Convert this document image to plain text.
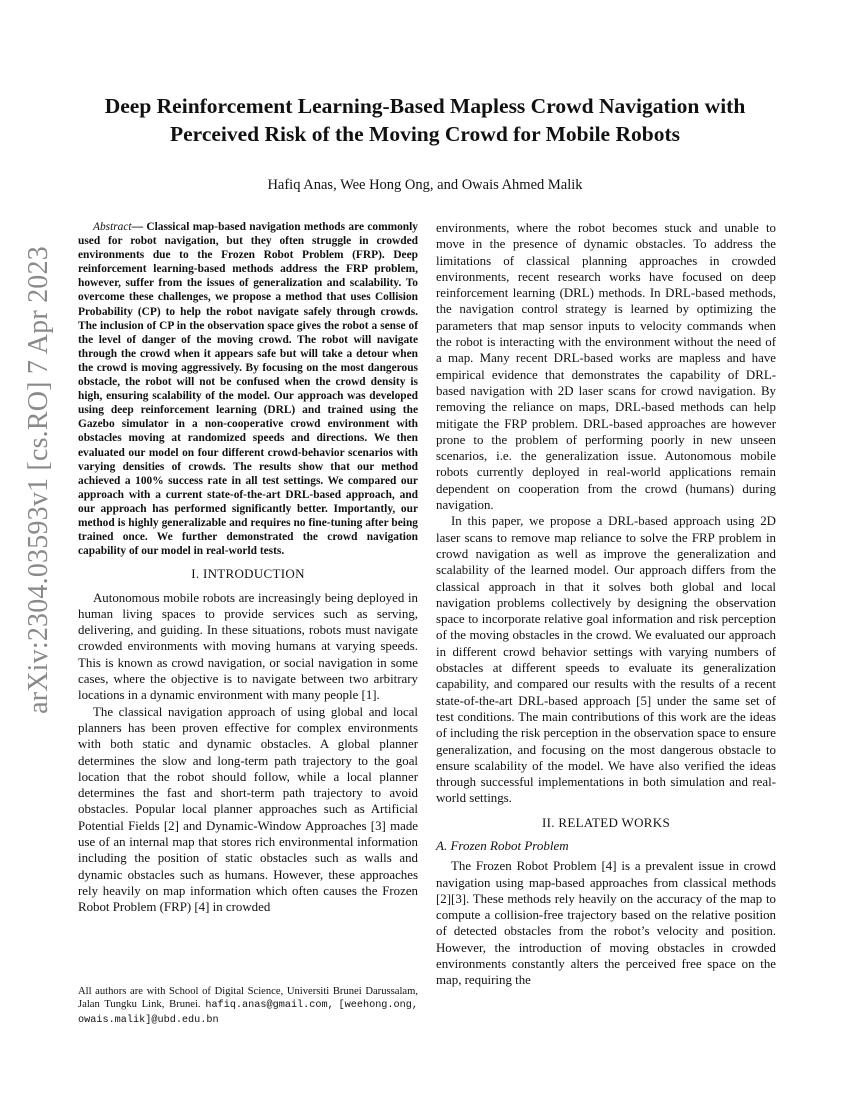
arXiv:2304.03593v1 [cs.RO] 7 Apr 2023
Deep Reinforcement Learning-Based Mapless Crowd Navigation with Perceived Risk of the Moving Crowd for Mobile Robots
Hafiq Anas, Wee Hong Ong, and Owais Ahmed Malik

Abstract— Classical map-based navigation methods are commonly used for robot navigation, but they often struggle in crowded environments due to the Frozen Robot Problem (FRP). Deep reinforcement learning-based methods address the FRP problem, however, suffer from the issues of generalization and scalability. To overcome these challenges, we propose a method that uses Collision Probability (CP) to help the robot navigate safely through crowds. The inclusion of CP in the observation space gives the robot a sense of the level of danger of the moving crowd. The robot will navigate through the crowd when it appears safe but will take a detour when the crowd is moving aggressively. By focusing on the most dangerous obstacle, the robot will not be confused when the crowd density is high, ensuring scalability of the model. Our approach was developed using deep reinforcement learning (DRL) and trained using the Gazebo simulator in a non-cooperative crowd environment with obstacles moving at randomized speeds and directions. We then evaluated our model on four different crowd-behavior scenarios with varying densities of crowds. The results show that our method achieved a 100% success rate in all test settings. We compared our approach with a current state-of-the-art DRL-based approach, and our approach has performed significantly better. Importantly, our method is highly generalizable and requires no fine-tuning after being trained once. We further demonstrated the crowd navigation capability of our model in real-world tests.

I. INTRODUCTION

Autonomous mobile robots are increasingly being deployed in human living spaces to provide services such as serving, delivering, and guiding. In these situations, robots must navigate crowded environments with moving humans at varying speeds. This is known as crowd navigation, or social navigation in some cases, where the objective is to navigate between two arbitrary locations in a dynamic environment with many people [1].

The classical navigation approach of using global and local planners has been proven effective for complex environments with both static and dynamic obstacles. A global planner determines the slow and long-term path trajectory to the goal location that the robot should follow, while a local planner determines the fast and short-term path trajectory to avoid obstacles. Popular local planner approaches such as Artificial Potential Fields [2] and Dynamic-Window Approaches [3] made use of an internal map that stores rich environmental information including the position of static obstacles such as walls and dynamic obstacles such as humans. However, these approaches rely heavily on map information which often causes the Frozen Robot Problem (FRP) [4] in crowded

All authors are with School of Digital Science, Universiti Brunei Darussalam, Jalan Tungku Link, Brunei. hafiq.anas@gmail.com, [weehong.ong, owais.malik]@ubd.edu.bn

environments, where the robot becomes stuck and unable to move in the presence of dynamic obstacles. To address the limitations of classical planning approaches in crowded environments, recent research works have focused on deep reinforcement learning (DRL) methods. In DRL-based methods, the navigation control strategy is learned by optimizing the parameters that map sensor inputs to velocity commands when the robot is interacting with the environment without the need of a map. Many recent DRL-based works are mapless and have empirical evidence that demonstrates the capability of DRL-based navigation with 2D laser scans for crowd navigation. By removing the reliance on maps, DRL-based methods can help mitigate the FRP problem. DRL-based approaches are however prone to the problem of performing poorly in new unseen scenarios, i.e. the generalization issue. Autonomous mobile robots currently deployed in real-world applications remain dependent on cooperation from the crowd (humans) during navigation.

In this paper, we propose a DRL-based approach using 2D laser scans to remove map reliance to solve the FRP problem in crowd navigation as well as improve the generalization and scalability of the learned model. Our approach differs from the classical approach in that it solves both global and local navigation problems collectively by designing the observation space to incorporate relative goal information and risk perception of the moving obstacles in the crowd. We evaluated our approach in different crowd behavior settings with varying numbers of obstacles at different speeds to evaluate its generalization capability, and compared our results with the results of a recent state-of-the-art DRL-based approach [5] under the same set of test conditions. The main contributions of this work are the ideas of including the risk perception in the observation space to ensure generalization, and focusing on the most dangerous obstacle to ensure scalability of the model. We have also verified the ideas through successful implementations in both simulation and real-world settings.

II. RELATED WORKS
A. Frozen Robot Problem

The Frozen Robot Problem [4] is a prevalent issue in crowd navigation using map-based approaches from classical methods [2][3]. These methods rely heavily on the accuracy of the map to compute a collision-free trajectory based on the relative position of detected obstacles from the robot’s velocity and position. However, the introduction of moving obstacles in crowded environments constantly alters the perceived free space on the map, requiring the
